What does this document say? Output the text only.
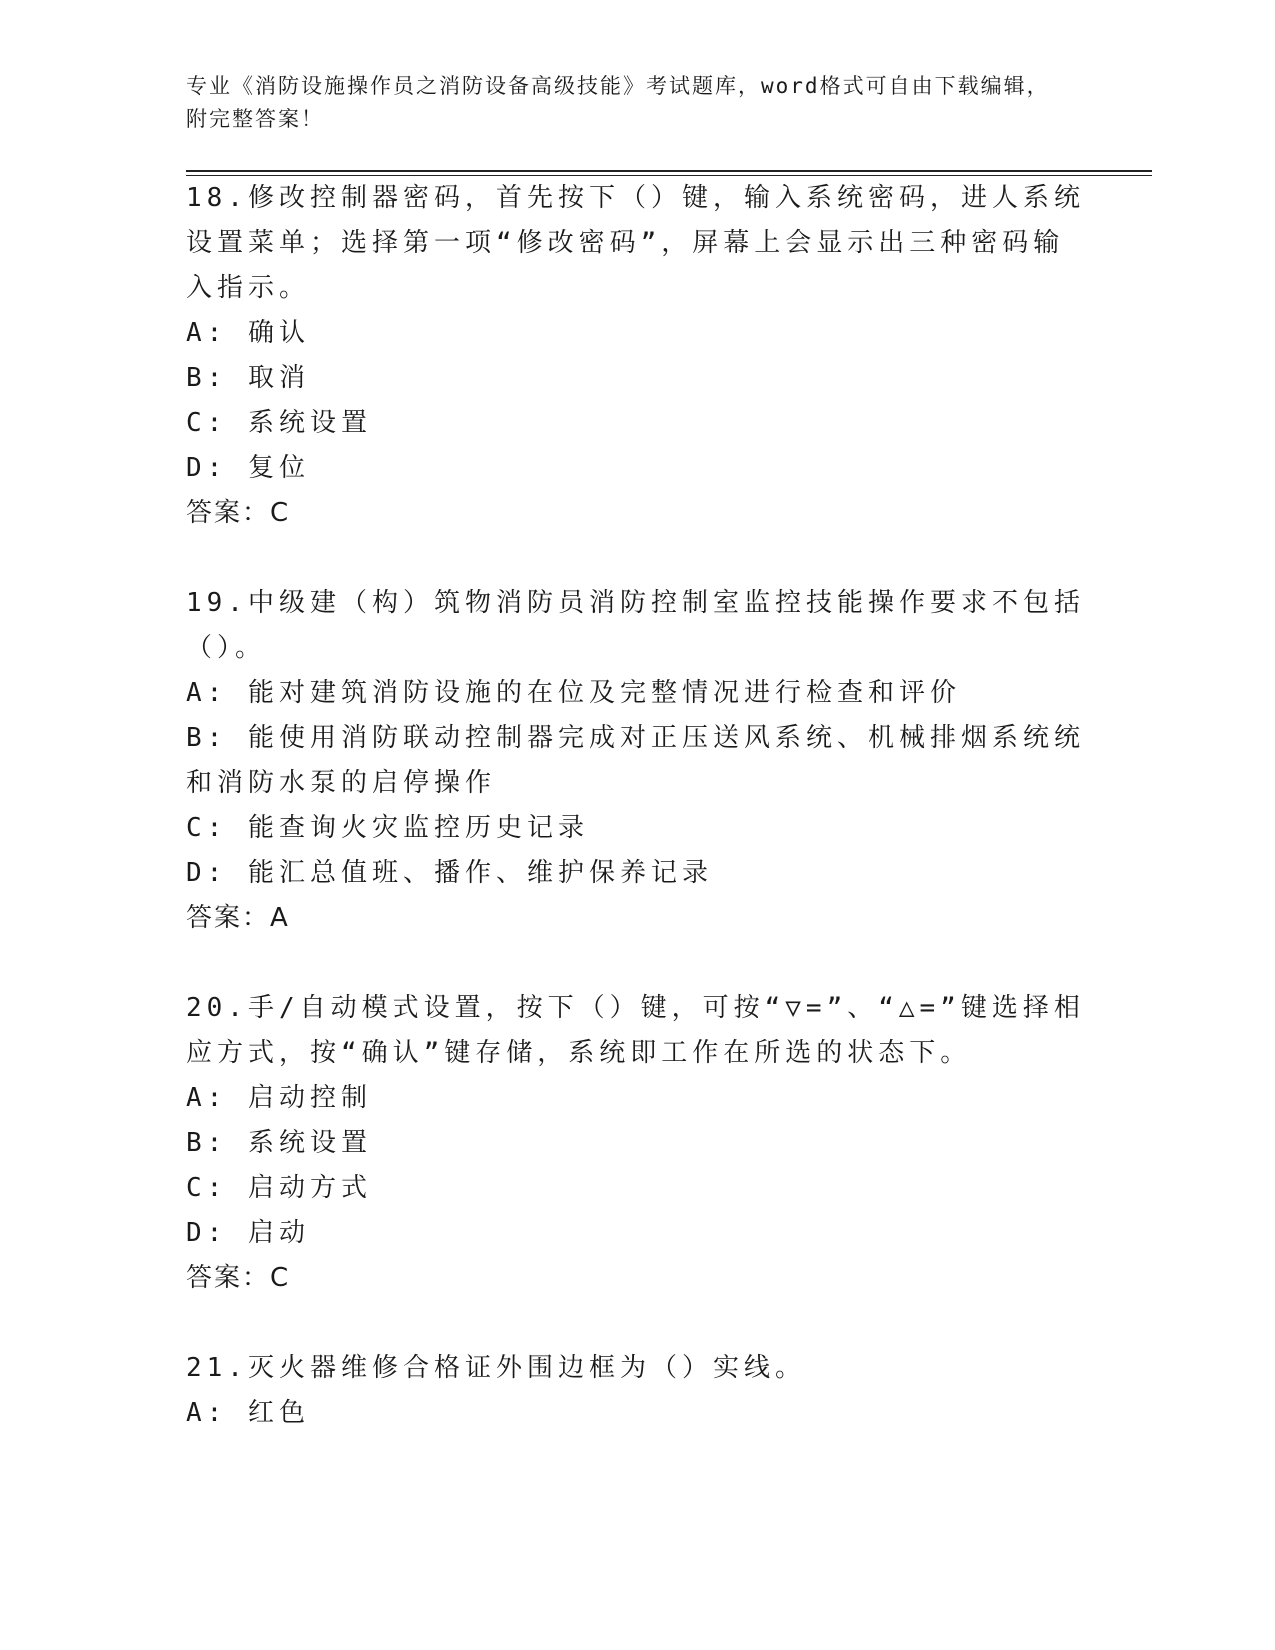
专业《消防设施操作员之消防设备高级技能》考试题库，word格式可自由下载编辑，附完整答案！

18.修改控制器密码，首先按下（）键，输入系统密码，进人系统设置菜单；选择第一项“修改密码”，屏幕上会显示出三种密码输入指示。

A: 确认

B: 取消

C: 系统设置

D: 复位

答案：C

19.中级建（构）筑物消防员消防控制室监控技能操作要求不包括（）。

A: 能对建筑消防设施的在位及完整情况进行检查和评价

B: 能使用消防联动控制器完成对正压送风系统、机械排烟系统统和消防水泵的启停操作

C: 能查询火灾监控历史记录

D: 能汇总值班、播作、维护保养记录

答案：A

20.手/自动模式设置，按下（）键，可按“▽=”、“△=”键选择相应方式，按“确认”键存储，系统即工作在所选的状态下。

A: 启动控制

B: 系统设置

C: 启动方式

D: 启动

答案：C

21.灭火器维修合格证外围边框为（）实线。

A: 红色
